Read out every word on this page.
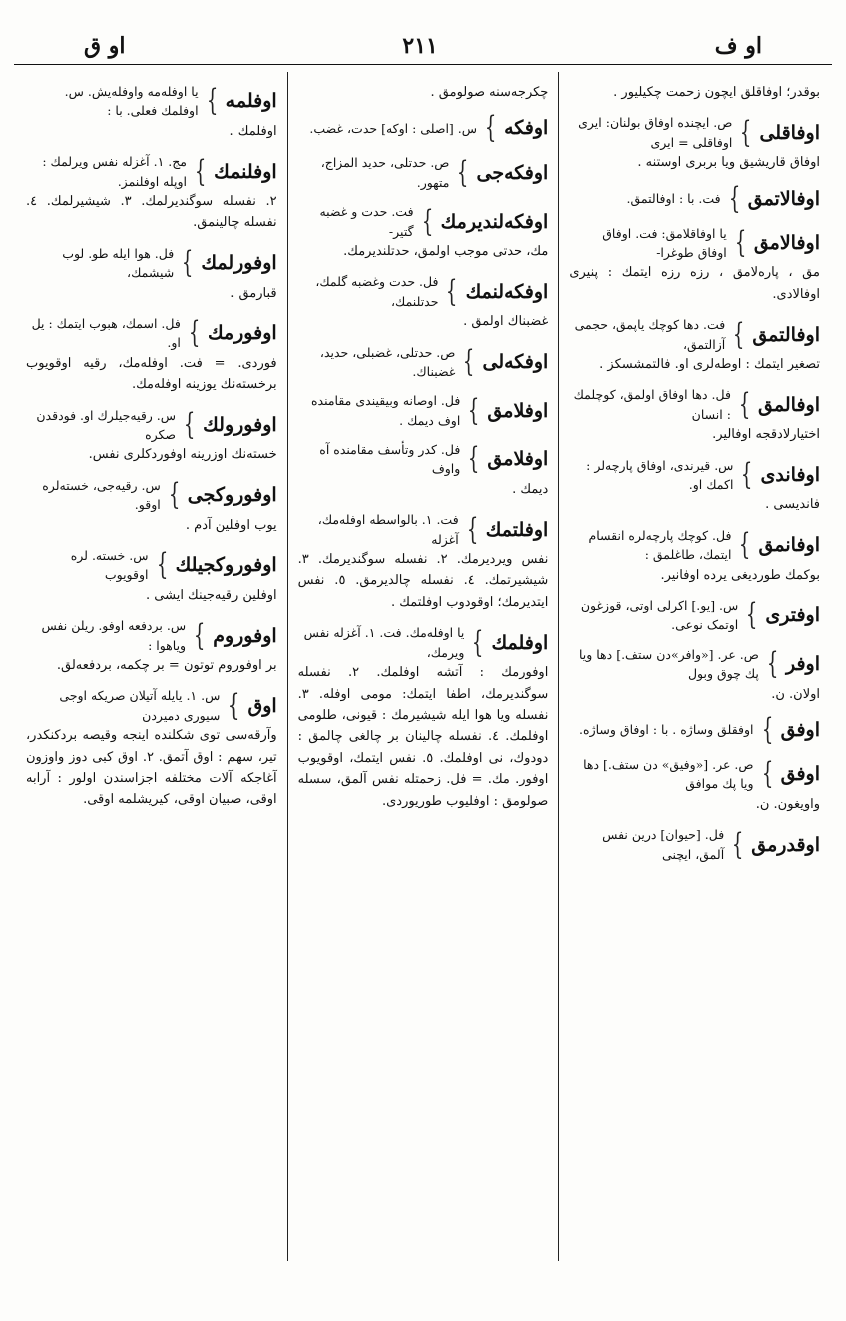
او ف
٢١١
او ق
بوقدر؛ اوفاقلق ایچون زحمت چکیلیور .
اوفاقلی
}
ص. ایچنده اوفاق بولنان: ایری اوفاقلی = ایری
اوفاق قاریشیق ویا بربری اوستنه .
اوفالاتمق
}
فت. با : اوفالتمق.
اوفالامق
}
یا اوفاقلامق: فت. اوفاق اوفاق طوغرا-
مق ، پارەلامق ، رزه رزه ایتمك : پنیری اوفالادی.
اوفالتمق
}
فت. دها کوچك یاپمق، حجمی آزالتمق،
تصغیر ایتمك : اوطه‌لری او. فالتمشسکز .
اوفالمق
}
فل. دها اوفاق اولمق، کوچلمك : انسان
اختیارلادقجه اوفالیر.
اوفاندی
}
س. قیرندی، اوفاق پارچه‌لر : اکمك او.
فاندیسی .
اوفانمق
}
فل. کوچك پارچه‌لره انقسام ایتمك، طاغلمق :
بوکمك طوردیغی یرده اوفانیر.
اوفتری
}
س. [یو.] اکرلی اوتی، قوزغون اوتمک نوعی.
اوفر
}
ص. عر. [«وافر»دن ستف.] دها ویا پك چوق وبول
اولان. ن.
اوفق
}
اوفقلق وساژه . با : اوفاق وساژه.
اوفق
}
ص. عر. [«وفیق» دن ستف.] دها ویا پك موافق
واویغون. ن.
اوقدرمق
}
فل. [حیوان] درین نفس آلمق، ایچنی
چکرجه‌سنه صولومق .
اوفکه
}
س. [اصلی : اوکه] حدت، غضب.
اوفکه‌جی
}
ص. حدتلی، حدید المزاج، متهور.
اوفکه‌لندیرمك
}
فت. حدت و غضبه گتیر-
مك، حدتی موجب اولمق، حدتلندیرمك.
اوفکه‌لنمك
}
فل. حدت وغضبه گلمك، حدتلنمك،
غضبناك اولمق .
اوفکه‌لی
}
ص. حدتلی، غضبلی، حدید، غضبناك.
اوفلامق
}
فل. اوصانه وبیقیندی مقامنده اوف دیمك .
اوفلامق
}
فل. کدر وتأسف مقامنده آه واوف
دیمك .
اوفلتمك
}
فت. ١. بالواسطه اوفله‌مك، آغزله
نفس ویردیرمك. ٢. نفسله سوگندیرمك. ٣. شیشیرتمك. ٤. نفسله چالدیرمق. ٥. نفس ایتدیرمك؛ اوقودوب اوفلتمك .
اوفلمك
}
یا اوفله‌مك. فت. ١. آغزله نفس ویرمك،
اوفورمك : آتشه اوفلمك. ٢. نفسله سوگندیرمك، اطفا ایتمك: مومی اوفله. ٣. نفسله ویا هوا ایله شیشیرمك : قیونی، طلومی اوفلمك. ٤. نفسله چالینان بر چالغی چالمق : دودوك، نی اوفلمك. ٥. نفس ایتمك، اوقویوب اوفور. مك. = فل. زحمتله نفس آلمق، سسله صولومق : اوفلیوب طوریوردی.
اوفلمه
}
یا اوفله‌مه واوفله‌یش. س. اوفلمك فعلی. با :
اوفلمك .
اوفلنمك
}
مج. ١. آغزله نفس ویرلمك : اوپله اوفلنمز.
٢. نفسله سوگندیرلمك. ٣. شیشیرلمك. ٤. نفسله چالینمق.
اوفورلمك
}
فل. هوا ایله طو. لوب شیشمك،
قبارمق .
اوفورمك
}
فل. اسمك، هبوب ایتمك : یل او.
فوردی. = فت. اوفله‌مك، رقیه اوقویوب برخسته‌نك یوزینه اوفله‌مك.
اوفورولك
}
س. رقیه‌جیلرك او. فودقدن صکره
خسته‌نك اوزرینه اوفوردکلری نفس.
اوفوروکجی
}
س. رقیه‌جی، خسته‌لره اوقو.
یوب اوفلین آدم .
اوفوروکجیلك
}
س. خسته. لره اوقویوب
اوفلین رقیه‌جینك ایشی .
اوفوروم
}
س. بردفعه اوفو. ریلن نفس ویاهوا :
بر اوفوروم توتون = بر چکمه، بردفعه‌لق.
اوق
}
س. ١. یایله آتیلان صریکه اوجی سیوری دمیردن
وآرقه‌سی توی شکلنده اینجه وقیصه بردکنکدر، تیر، سهم : اوق آتمق. ٢. اوق کبی دوز واوزون آغاجکه آلات مختلفه اجزاسندن اولور : آرابه اوقی، صبیان اوقی، کیریشلمه اوقی.
